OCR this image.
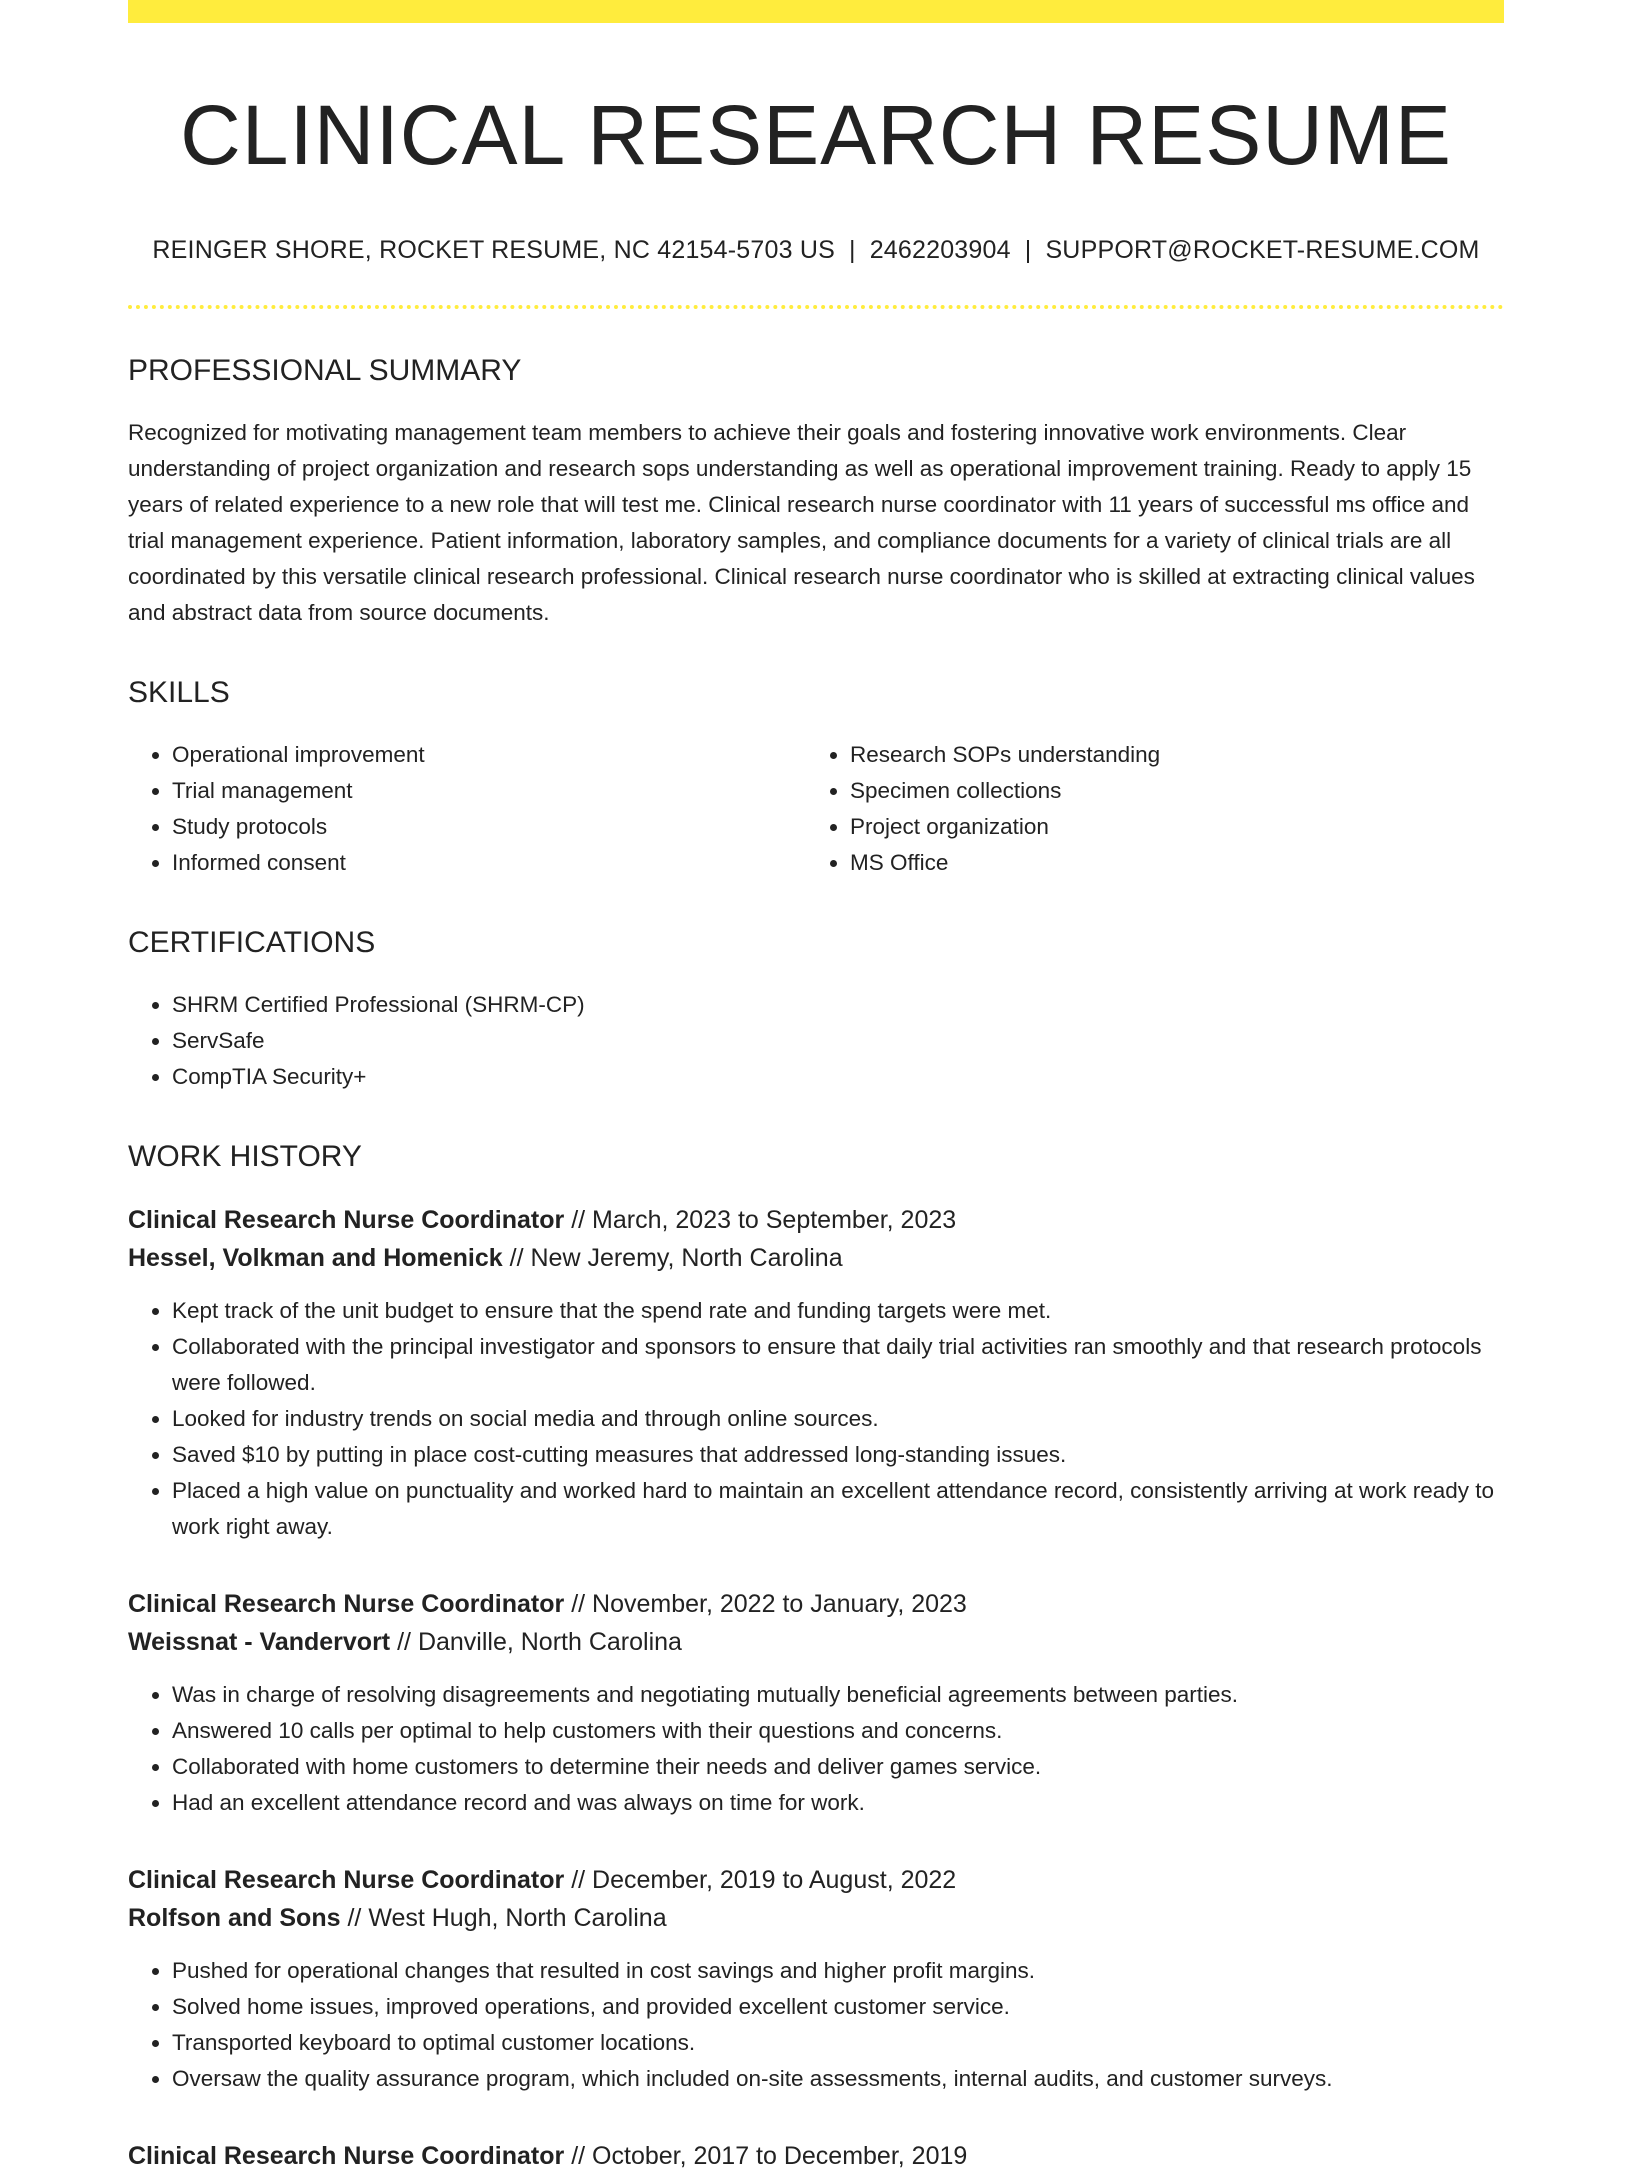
CLINICAL RESEARCH RESUME
REINGER SHORE, ROCKET RESUME, NC 42154-5703 US | 2462203904 | SUPPORT@ROCKET-RESUME.COM
PROFESSIONAL SUMMARY

Recognized for motivating management team members to achieve their goals and fostering innovative work environments. Clear understanding of project organization and research sops understanding as well as operational improvement training. Ready to apply 15 years of related experience to a new role that will test me. Clinical research nurse coordinator with 11 years of successful ms office and trial management experience. Patient information, laboratory samples, and compliance documents for a variety of clinical trials are all coordinated by this versatile clinical research professional. Clinical research nurse coordinator who is skilled at extracting clinical values and abstract data from source documents.

SKILLS
• Operational improvement
• Trial management
• Study protocols
• Informed consent
• Research SOPs understanding
• Specimen collections
• Project organization
• MS Office
CERTIFICATIONS
• SHRM Certified Professional (SHRM-CP)
• ServSafe
• CompTIA Security+
WORK HISTORY
Clinical Research Nurse Coordinator // March, 2023 to September, 2023
Hessel, Volkman and Homenick // New Jeremy, North Carolina
• Kept track of the unit budget to ensure that the spend rate and funding targets were met.
• Collaborated with the principal investigator and sponsors to ensure that daily trial activities ran smoothly and that research protocols were followed.
• Looked for industry trends on social media and through online sources.
• Saved $10 by putting in place cost-cutting measures that addressed long-standing issues.
• Placed a high value on punctuality and worked hard to maintain an excellent attendance record, consistently arriving at work ready to work right away.
Clinical Research Nurse Coordinator // November, 2022 to January, 2023
Weissnat - Vandervort // Danville, North Carolina
• Was in charge of resolving disagreements and negotiating mutually beneficial agreements between parties.
• Answered 10 calls per optimal to help customers with their questions and concerns.
• Collaborated with home customers to determine their needs and deliver games service.
• Had an excellent attendance record and was always on time for work.
Clinical Research Nurse Coordinator // December, 2019 to August, 2022
Rolfson and Sons // West Hugh, North Carolina
• Pushed for operational changes that resulted in cost savings and higher profit margins.
• Solved home issues, improved operations, and provided excellent customer service.
• Transported keyboard to optimal customer locations.
• Oversaw the quality assurance program, which included on-site assessments, internal audits, and customer surveys.
Clinical Research Nurse Coordinator // October, 2017 to December, 2019
